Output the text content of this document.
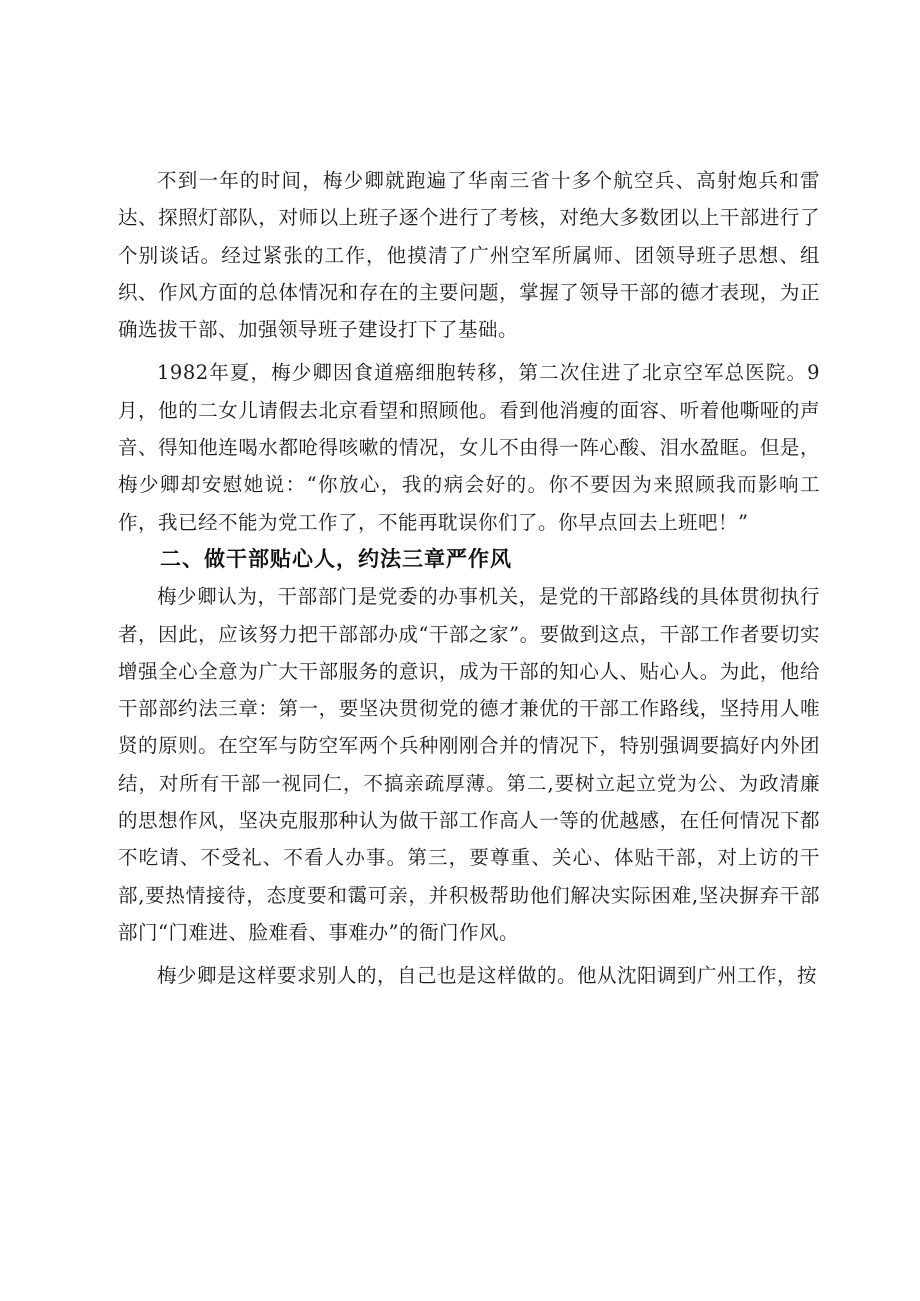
不到一年的时间，梅少卿就跑遍了华南三省十多个航空兵、高射炮兵和雷达、探照灯部队，对师以上班子逐个进行了考核，对绝大多数团以上干部进行了个别谈话。经过紧张的工作，他摸清了广州空军所属师、团领导班子思想、组织、作风方面的总体情况和存在的主要问题，掌握了领导干部的德才表现，为正确选拔干部、加强领导班子建设打下了基础。

1982年夏，梅少卿因食道癌细胞转移，第二次住进了北京空军总医院。9月，他的二女儿请假去北京看望和照顾他。看到他消瘦的面容、听着他嘶哑的声音、得知他连喝水都呛得咳嗽的情况，女儿不由得一阵心酸、泪水盈眶。但是，梅少卿却安慰她说：“你放心，我的病会好的。你不要因为来照顾我而影响工作，我已经不能为党工作了，不能再耽误你们了。你早点回去上班吧！”

二、做干部贴心人，约法三章严作风

梅少卿认为，干部部门是党委的办事机关，是党的干部路线的具体贯彻执行者，因此，应该努力把干部部办成“干部之家”。要做到这点，干部工作者要切实增强全心全意为广大干部服务的意识，成为干部的知心人、贴心人。为此，他给干部部约法三章：第一，要坚决贯彻党的德才兼优的干部工作路线，坚持用人唯贤的原则。在空军与防空军两个兵种刚刚合并的情况下，特别强调要搞好内外团结，对所有干部一视同仁，不搞亲疏厚薄。第二,要树立起立党为公、为政清廉的思想作风，坚决克服那种认为做干部工作高人一等的优越感，在任何情况下都不吃请、不受礼、不看人办事。第三，要尊重、关心、体贴干部，对上访的干部,要热情接待，态度要和霭可亲，并积极帮助他们解决实际困难,坚决摒弃干部部门“门难进、脸难看、事难办”的衙门作风。

梅少卿是这样要求别人的，自己也是这样做的。他从沈阳调到广州工作，按
